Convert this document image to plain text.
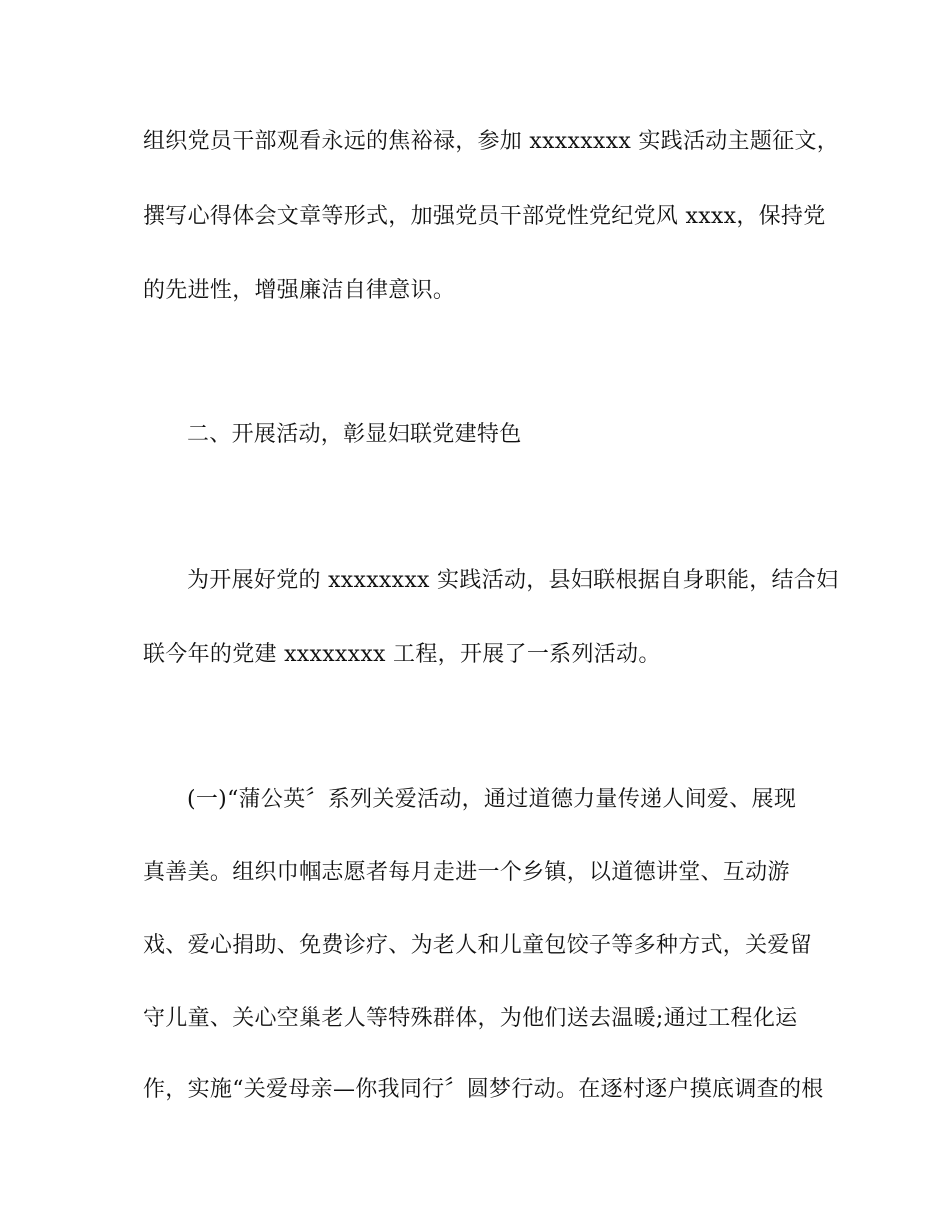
组织党员干部观看永远的焦裕禄，参加 xxxxxxxx 实践活动主题征文，
撰写心得体会文章等形式，加强党员干部党性党纪党风 xxxx，保持党
的先进性，增强廉洁自律意识。
二、开展活动，彰显妇联党建特色
为开展好党的 xxxxxxxx 实践活动，县妇联根据自身职能，结合妇
联今年的党建 xxxxxxxx 工程，开展了一系列活动。
(一)“蒲公英〞系列关爱活动，通过道德力量传递人间爱、展现
真善美。组织巾帼志愿者每月走进一个乡镇，以道德讲堂、互动游
戏、爱心捐助、免费诊疗、为老人和儿童包饺子等多种方式，关爱留
守儿童、关心空巢老人等特殊群体，为他们送去温暖;通过工程化运
作，实施“关爱母亲—你我同行〞圆梦行动。在逐村逐户摸底调查的根
